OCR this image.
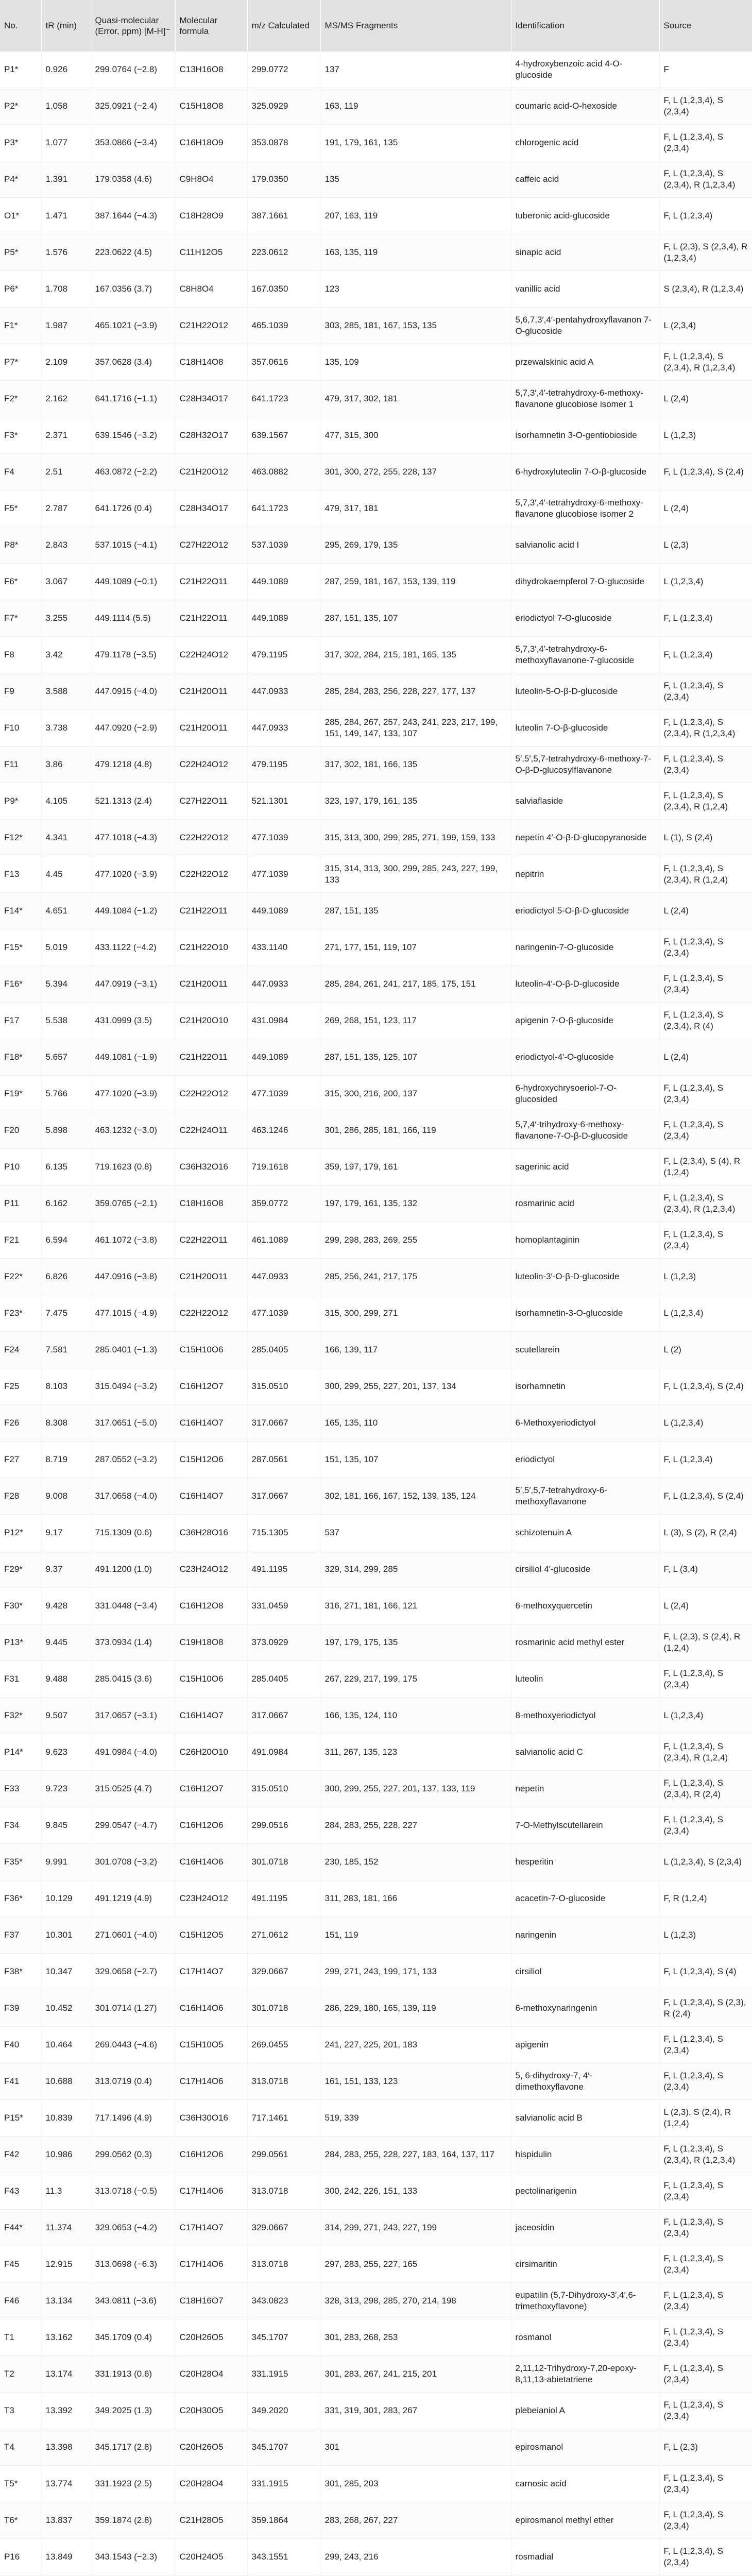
No.	tR (min)	Quasi-molecular (Error, ppm) [M-H]⁻	Molecular formula	m/z Calculated	MS/MS Fragments	Identification	Source
P1*	0.926	299.0764 (−2.8)	C13H16O8	299.0772	137	4-hydroxybenzoic acid 4-O-glucoside	F
P2*	1.058	325.0921 (−2.4)	C15H18O8	325.0929	163, 119	coumaric acid-O-hexoside	F, L (1,2,3,4), S (2,3,4)
P3*	1.077	353.0866 (−3.4)	C16H18O9	353.0878	191, 179, 161, 135	chlorogenic acid	F, L (1,2,3,4), S (2,3,4)
P4*	1.391	179.0358 (4.6)	C9H8O4	179.0350	135	caffeic acid	F, L (1,2,3,4), S (2,3,4), R (1,2,3,4)
O1*	1.471	387.1644 (−4.3)	C18H28O9	387.1661	207, 163, 119	tuberonic acid-glucoside	F, L (1,2,3,4)
P5*	1.576	223.0622 (4.5)	C11H12O5	223.0612	163, 135, 119	sinapic acid	F, L (2,3), S (2,3,4), R (1,2,3,4)
P6*	1.708	167.0356 (3.7)	C8H8O4	167.0350	123	vanillic acid	S (2,3,4), R (1,2,3,4)
F1*	1.987	465.1021 (−3.9)	C21H22O12	465.1039	303, 285, 181, 167, 153, 135	5,6,7,3′,4′-pentahydroxyflavanon 7-O-glucoside	L (2,3,4)
P7*	2.109	357.0628 (3.4)	C18H14O8	357.0616	135, 109	przewalskinic acid A	F, L (1,2,3,4), S (2,3,4), R (1,2,3,4)
F2*	2.162	641.1716 (−1.1)	C28H34O17	641.1723	479, 317, 302, 181	5,7,3′,4′-tetrahydroxy-6-methoxy-flavanone glucobiose isomer 1	L (2,4)
F3*	2.371	639.1546 (−3.2)	C28H32O17	639.1567	477, 315, 300	isorhamnetin 3-O-gentiobioside	L (1,2,3)
F4	2.51	463.0872 (−2.2)	C21H20O12	463.0882	301, 300, 272, 255, 228, 137	6-hydroxyluteolin 7-O-β-glucoside	F, L (1,2,3,4), S (2,4)
F5*	2.787	641.1726 (0.4)	C28H34O17	641.1723	479, 317, 181	5,7,3′,4′-tetrahydroxy-6-methoxy-flavanone glucobiose isomer 2	L (2,4)
P8*	2.843	537.1015 (−4.1)	C27H22O12	537.1039	295, 269, 179, 135	salvianolic acid I	L (2,3)
F6*	3.067	449.1089 (−0.1)	C21H22O11	449.1089	287, 259, 181, 167, 153, 139, 119	dihydrokaempferol 7-O-glucoside	L (1,2,3,4)
F7*	3.255	449.1114 (5.5)	C21H22O11	449.1089	287, 151, 135, 107	eriodictyol 7-O-glucoside	F, L (1,2,3,4)
F8	3.42	479.1178 (−3.5)	C22H24O12	479.1195	317, 302, 284, 215, 181, 165, 135	5,7,3′,4′-tetrahydroxy-6-methoxyflavanone-7-glucoside	F, L (1,2,3,4)
F9	3.588	447.0915 (−4.0)	C21H20O11	447.0933	285, 284, 283, 256, 228, 227, 177, 137	luteolin-5-O-β-D-glucoside	F, L (1,2,3,4), S (2,3,4)
F10	3.738	447.0920 (−2.9)	C21H20O11	447.0933	285, 284, 267, 257, 243, 241, 223, 217, 199, 151, 149, 147, 133, 107	luteolin 7-O-β-glucoside	F, L (1,2,3,4), S (2,3,4), R (1,2,3,4)
F11	3.86	479.1218 (4.8)	C22H24O12	479.1195	317, 302, 181, 166, 135	5′,5′,5,7-tetrahydroxy-6-methoxy-7-O-β-D-glucosylflavanone	F, L (1,2,3,4), S (2,3,4)
P9*	4.105	521.1313 (2.4)	C27H22O11	521.1301	323, 197, 179, 161, 135	salviaflaside	F, L (1,2,3,4), S (2,3,4), R (1,2,4)
F12*	4.341	477.1018 (−4.3)	C22H22O12	477.1039	315, 313, 300, 299, 285, 271, 199, 159, 133	nepetin 4′-O-β-D-glucopyranoside	L (1), S (2,4)
F13	4.45	477.1020 (−3.9)	C22H22O12	477.1039	315, 314, 313, 300, 299, 285, 243, 227, 199, 133	nepitrin	F, L (1,2,3,4), S (2,3,4), R (1,2,4)
F14*	4.651	449.1084 (−1.2)	C21H22O11	449.1089	287, 151, 135	eriodictyol 5-O-β-D-glucoside	L (2,4)
F15*	5.019	433.1122 (−4.2)	C21H22O10	433.1140	271, 177, 151, 119, 107	naringenin-7-O-glucoside	F, L (1,2,3,4), S (2,3,4)
F16*	5.394	447.0919 (−3.1)	C21H20O11	447.0933	285, 284, 261, 241, 217, 185, 175, 151	luteolin-4′-O-β-D-glucoside	F, L (1,2,3,4), S (2,3,4)
F17	5.538	431.0999 (3.5)	C21H20O10	431.0984	269, 268, 151, 123, 117	apigenin 7-O-β-glucoside	F, L (1,2,3,4), S (2,3,4), R (4)
F18*	5.657	449.1081 (−1.9)	C21H22O11	449.1089	287, 151, 135, 125, 107	eriodictyol-4′-O-glucoside	L (2,4)
F19*	5.766	477.1020 (−3.9)	C22H22O12	477.1039	315, 300, 216, 200, 137	6-hydroxychrysoeriol-7-O-glucosided	F, L (1,2,3,4), S (2,3,4)
F20	5.898	463.1232 (−3.0)	C22H24O11	463.1246	301, 286, 285, 181, 166, 119	5,7,4′-trihydroxy-6-methoxy-flavanone-7-O-β-D-glucoside	F, L (1,2,3,4), S (2,3,4)
P10	6.135	719.1623 (0.8)	C36H32O16	719.1618	359, 197, 179, 161	sagerinic acid	F, L (2,3,4), S (4), R (1,2,4)
P11	6.162	359.0765 (−2.1)	C18H16O8	359.0772	197, 179, 161, 135, 132	rosmarinic acid	F, L (1,2,3,4), S (2,3,4), R (1,2,3,4)
F21	6.594	461.1072 (−3.8)	C22H22O11	461.1089	299, 298, 283, 269, 255	homoplantaginin	F, L (1,2,3,4), S (2,3,4)
F22*	6.826	447.0916 (−3.8)	C21H20O11	447.0933	285, 256, 241, 217, 175	luteolin-3′-O-β-D-glucoside	L (1,2,3)
F23*	7.475	477.1015 (−4.9)	C22H22O12	477.1039	315, 300, 299, 271	isorhamnetin-3-O-glucoside	L (1,2,3,4)
F24	7.581	285.0401 (−1.3)	C15H10O6	285.0405	166, 139, 117	scutellarein	L (2)
F25	8.103	315.0494 (−3.2)	C16H12O7	315.0510	300, 299, 255, 227, 201, 137, 134	isorhamnetin	F, L (1,2,3,4), S (2,4)
F26	8.308	317.0651 (−5.0)	C16H14O7	317.0667	165, 135, 110	6-Methoxyeriodictyol	L (1,2,3,4)
F27	8.719	287.0552 (−3.2)	C15H12O6	287.0561	151, 135, 107	eriodictyol	F, L (1,2,3,4)
F28	9.008	317.0658 (−4.0)	C16H14O7	317.0667	302, 181, 166, 167, 152, 139, 135, 124	5′,5′,5,7-tetrahydroxy-6-methoxyflavanone	F, L (1,2,3,4), S (2,4)
P12*	9.17	715.1309 (0.6)	C36H28O16	715.1305	537	schizotenuin A	L (3), S (2), R (2,4)
F29*	9.37	491.1200 (1.0)	C23H24O12	491.1195	329, 314, 299, 285	cirsiliol 4′-glucoside	F, L (3,4)
F30*	9.428	331.0448 (−3.4)	C16H12O8	331.0459	316, 271, 181, 166, 121	6-methoxyquercetin	L (2,4)
P13*	9.445	373.0934 (1.4)	C19H18O8	373.0929	197, 179, 175, 135	rosmarinic acid methyl ester	F, L (2,3), S (2,4), R (1,2,4)
F31	9.488	285.0415 (3.6)	C15H10O6	285.0405	267, 229, 217, 199, 175	luteolin	F, L (1,2,3,4), S (2,3,4)
F32*	9.507	317.0657 (−3.1)	C16H14O7	317.0667	166, 135, 124, 110	8-methoxyeriodictyol	L (1,2,3,4)
P14*	9.623	491.0984 (−4.0)	C26H20O10	491.0984	311, 267, 135, 123	salvianolic acid C	F, L (1,2,3,4), S (2,3,4), R (1,2,4)
F33	9.723	315.0525 (4.7)	C16H12O7	315.0510	300, 299, 255, 227, 201, 137, 133, 119	nepetin	F, L (1,2,3,4), S (2,3,4), R (2,4)
F34	9.845	299.0547 (−4.7)	C16H12O6	299.0516	284, 283, 255, 228, 227	7-O-Methylscutellarein	F, L (1,2,3,4), S (2,3,4)
F35*	9.991	301.0708 (−3.2)	C16H14O6	301.0718	230, 185, 152	hesperitin	L (1,2,3,4), S (2,3,4)
F36*	10.129	491.1219 (4.9)	C23H24O12	491.1195	311, 283, 181, 166	acacetin-7-O-glucoside	F, R (1,2,4)
F37	10.301	271.0601 (−4.0)	C15H12O5	271.0612	151, 119	naringenin	L (1,2,3)
F38*	10.347	329.0658 (−2.7)	C17H14O7	329.0667	299, 271, 243, 199, 171, 133	cirsiliol	F, L (1,2,3,4), S (4)
F39	10.452	301.0714 (1.27)	C16H14O6	301.0718	286, 229, 180, 165, 139, 119	6-methoxynaringenin	F, L (1,2,3,4), S (2,3), R (2,4)
F40	10.464	269.0443 (−4.6)	C15H10O5	269.0455	241, 227, 225, 201, 183	apigenin	F, L (1,2,3,4), S (2,3,4)
F41	10.688	313.0719 (0.4)	C17H14O6	313.0718	161, 151, 133, 123	5, 6-dihydroxy-7, 4′-dimethoxyflavone	F, L (1,2,3,4), S (2,3,4)
P15*	10.839	717.1496 (4.9)	C36H30O16	717.1461	519, 339	salvianolic acid B	L (2,3), S (2,4), R (1,2,4)
F42	10.986	299.0562 (0.3)	C16H12O6	299.0561	284, 283, 255, 228, 227, 183, 164, 137, 117	hispidulin	F, L (1,2,3,4), S (2,3,4), R (1,2,3,4)
F43	11.3	313.0718 (−0.5)	C17H14O6	313.0718	300, 242, 226, 151, 133	pectolinarigenin	F, L (1,2,3,4), S (2,3,4)
F44*	11.374	329.0653 (−4.2)	C17H14O7	329.0667	314, 299, 271, 243, 227, 199	jaceosidin	F, L (1,2,3,4), S (2,3,4)
F45	12.915	313.0698 (−6.3)	C17H14O6	313.0718	297, 283, 255, 227, 165	cirsimaritin	F, L (1,2,3,4), S (2,3,4)
F46	13.134	343.0811 (−3.6)	C18H16O7	343.0823	328, 313, 298, 285, 270, 214, 198	eupatilin (5,7-Dihydroxy-3′,4′,6-trimethoxyflavone)	F, L (1,2,3,4), S (2,3,4)
T1	13.162	345.1709 (0.4)	C20H26O5	345.1707	301, 283, 268, 253	rosmanol	F, L (1,2,3,4), S (2,3,4)
T2	13.174	331.1913 (0.6)	C20H28O4	331.1915	301, 283, 267, 241, 215, 201	2,11,12-Trihydroxy-7,20-epoxy-8,11,13-abietatriene	F, L (1,2,3,4), S (2,3,4)
T3	13.392	349.2025 (1.3)	C20H30O5	349.2020	331, 319, 301, 283, 267	plebeianiol A	F, L (1,2,3,4), S (2,3,4)
T4	13.398	345.1717 (2.8)	C20H26O5	345.1707	301	epirosmanol	F, L (2,3)
T5*	13.774	331.1923 (2.5)	C20H28O4	331.1915	301, 285, 203	carnosic acid	F, L (1,2,3,4), S (2,3,4)
T6*	13.837	359.1874 (2.8)	C21H28O5	359.1864	283, 268, 267, 227	epirosmanol methyl ether	F, L (1,2,3,4), S (2,3,4)
P16	13.849	343.1543 (−2.3)	C20H24O5	343.1551	299, 243, 216	rosmadial	F, L (1,2,3,4), S (2,3,4)
